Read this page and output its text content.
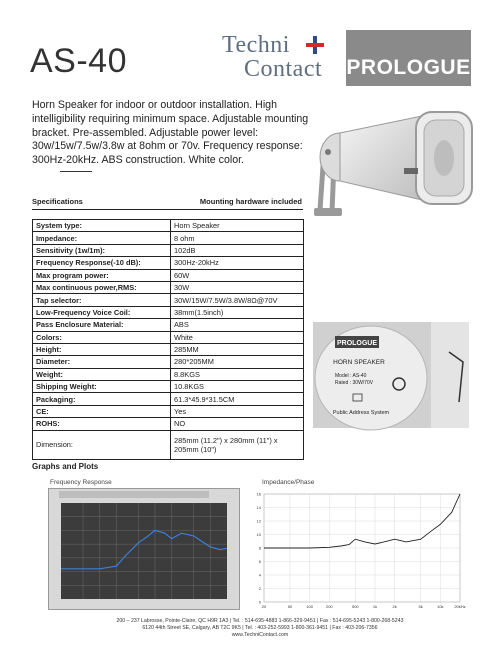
AS-40	Techni
Contact PROLOGUE

Horn Speaker for indoor or outdoor installation. High intelligibility requiring minimum space. Adjustable mounting bracket. Pre-assembled. Adjustable power level: 30w/15w/7.5w/3.8w at 8ohm or 70v. Frequency response: 300Hz-20kHz. ABS construction. White color.

Specifications	Mounting hardware included
System type:	Horn Speaker
Impedance:	8 ohm
Sensitivity (1w/1m):	102dB
Frequency Response(-10 dB):	300Hz-20kHz
Max program power:	60W
Max continuous power,RMS:	30W
Tap selector:	30W/15W/7.5W/3.8W/8Ω@70V
Low-Frequency Voice Coil:	38mm(1.5inch)
Pass Enclosure Material:	ABS
Colors:	White
Height:	285MM
Diameter:	280*205MM
Weight:	8.8KGS
Shipping Weight:	10.8KGS
Packaging:	61.3*45.9*31.5CM
CE:	Yes
ROHS:	NO
Dimension:	285mm (11.2") x 280mm (11") x 205mm (10")
PROLOGUE
HORN SPEAKER
Model : AS-40
Rated : 30W/70V
Public Address System
Graphs and Plots
Frequency Response	Impedance/Phase
0
2
4
6
8
10
12
14
16
20	50	100	200	500	1k	2k	5k	10k	20kHz
200 – 237 Labrosse, Pointe-Claire, QC H9R 1A3 | Tel. : 514-695-4883 1-866-329-9451 | Fax : 514-695-5243 1-800-268-5243
6120 44th Street SE, Calgary, AB T2C 9K5 | Tel. : 403-252-5993 1-800-361-9451 | Fax : 403-206-7356
www.TechniContact.com
